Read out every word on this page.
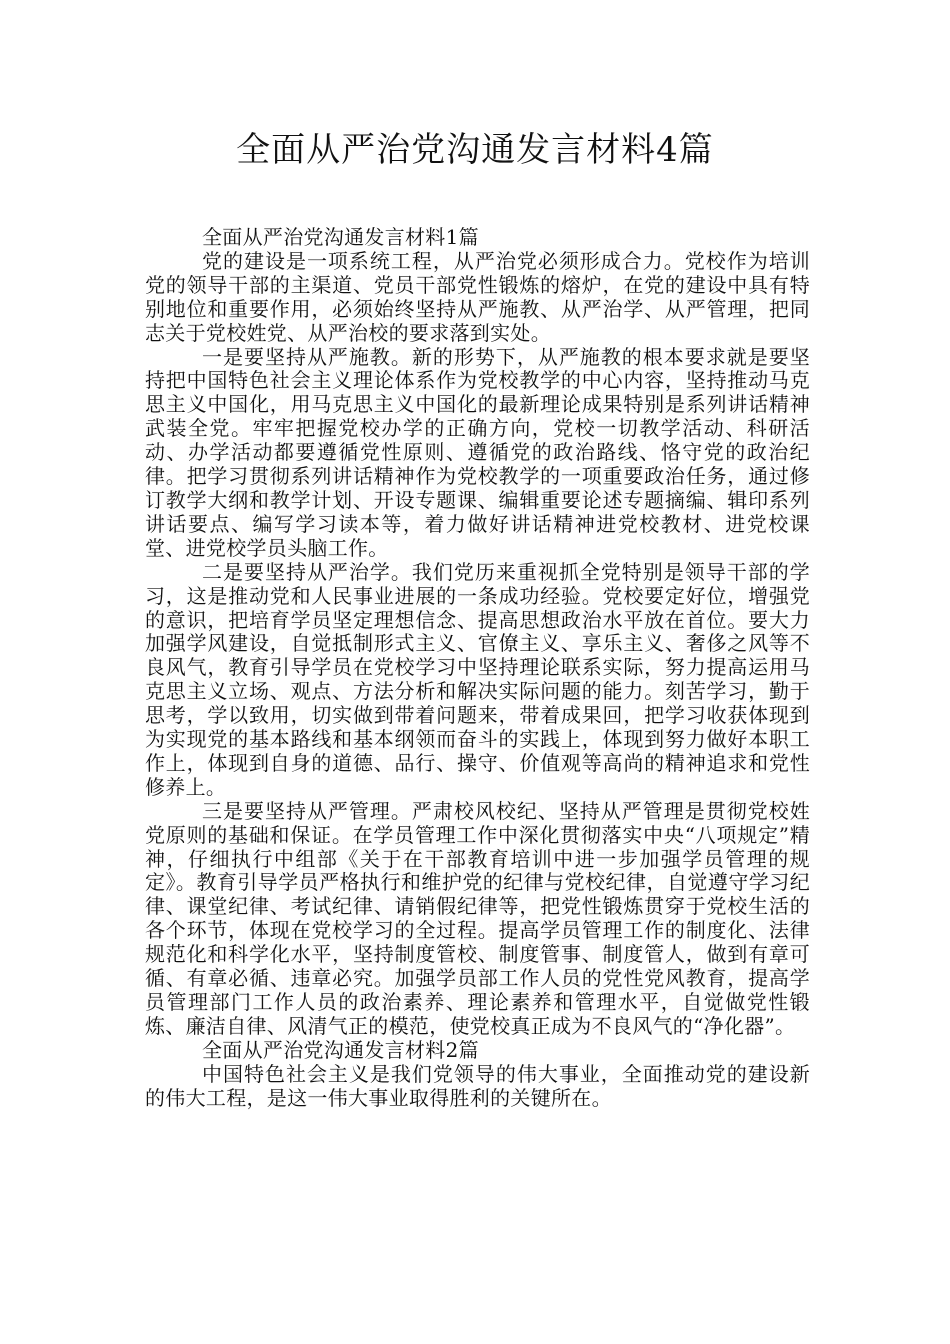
全面从严治党沟通发言材料4篇

全面从严治党沟通发言材料1篇

党的建设是一项系统工程，从严治党必须形成合力。党校作为培训党的领导干部的主渠道、党员干部党性锻炼的熔炉，在党的建设中具有特别地位和重要作用，必须始终坚持从严施教、从严治学、从严管理，把同志关于党校姓党、从严治校的要求落到实处。

一是要坚持从严施教。新的形势下，从严施教的根本要求就是要坚持把中国特色社会主义理论体系作为党校教学的中心内容，坚持推动马克思主义中国化，用马克思主义中国化的最新理论成果特别是系列讲话精神武装全党。牢牢把握党校办学的正确方向，党校一切教学活动、科研活动、办学活动都要遵循党性原则、遵循党的政治路线、恪守党的政治纪律。把学习贯彻系列讲话精神作为党校教学的一项重要政治任务，通过修订教学大纲和教学计划、开设专题课、编辑重要论述专题摘编、辑印系列讲话要点、编写学习读本等，着力做好讲话精神进党校教材、进党校课堂、进党校学员头脑工作。

二是要坚持从严治学。我们党历来重视抓全党特别是领导干部的学习，这是推动党和人民事业进展的一条成功经验。党校要定好位，增强党的意识，把培育学员坚定理想信念、提高思想政治水平放在首位。要大力加强学风建设，自觉抵制形式主义、官僚主义、享乐主义、奢侈之风等不良风气，教育引导学员在党校学习中坚持理论联系实际，努力提高运用马克思主义立场、观点、方法分析和解决实际问题的能力。刻苦学习，勤于思考，学以致用，切实做到带着问题来，带着成果回，把学习收获体现到为实现党的基本路线和基本纲领而奋斗的实践上，体现到努力做好本职工作上，体现到自身的道德、品行、操守、价值观等高尚的精神追求和党性修养上。

三是要坚持从严管理。严肃校风校纪、坚持从严管理是贯彻党校姓党原则的基础和保证。在学员管理工作中深化贯彻落实中央“八项规定”精神，仔细执行中组部《关于在干部教育培训中进一步加强学员管理的规定》。教育引导学员严格执行和维护党的纪律与党校纪律，自觉遵守学习纪律、课堂纪律、考试纪律、请销假纪律等，把党性锻炼贯穿于党校生活的各个环节，体现在党校学习的全过程。提高学员管理工作的制度化、法律规范化和科学化水平，坚持制度管校、制度管事、制度管人，做到有章可循、有章必循、违章必究。加强学员部工作人员的党性党风教育，提高学员管理部门工作人员的政治素养、理论素养和管理水平，自觉做党性锻炼、廉洁自律、风清气正的模范，使党校真正成为不良风气的“净化器”。

全面从严治党沟通发言材料2篇

中国特色社会主义是我们党领导的伟大事业，全面推动党的建设新的伟大工程，是这一伟大事业取得胜利的关键所在。
